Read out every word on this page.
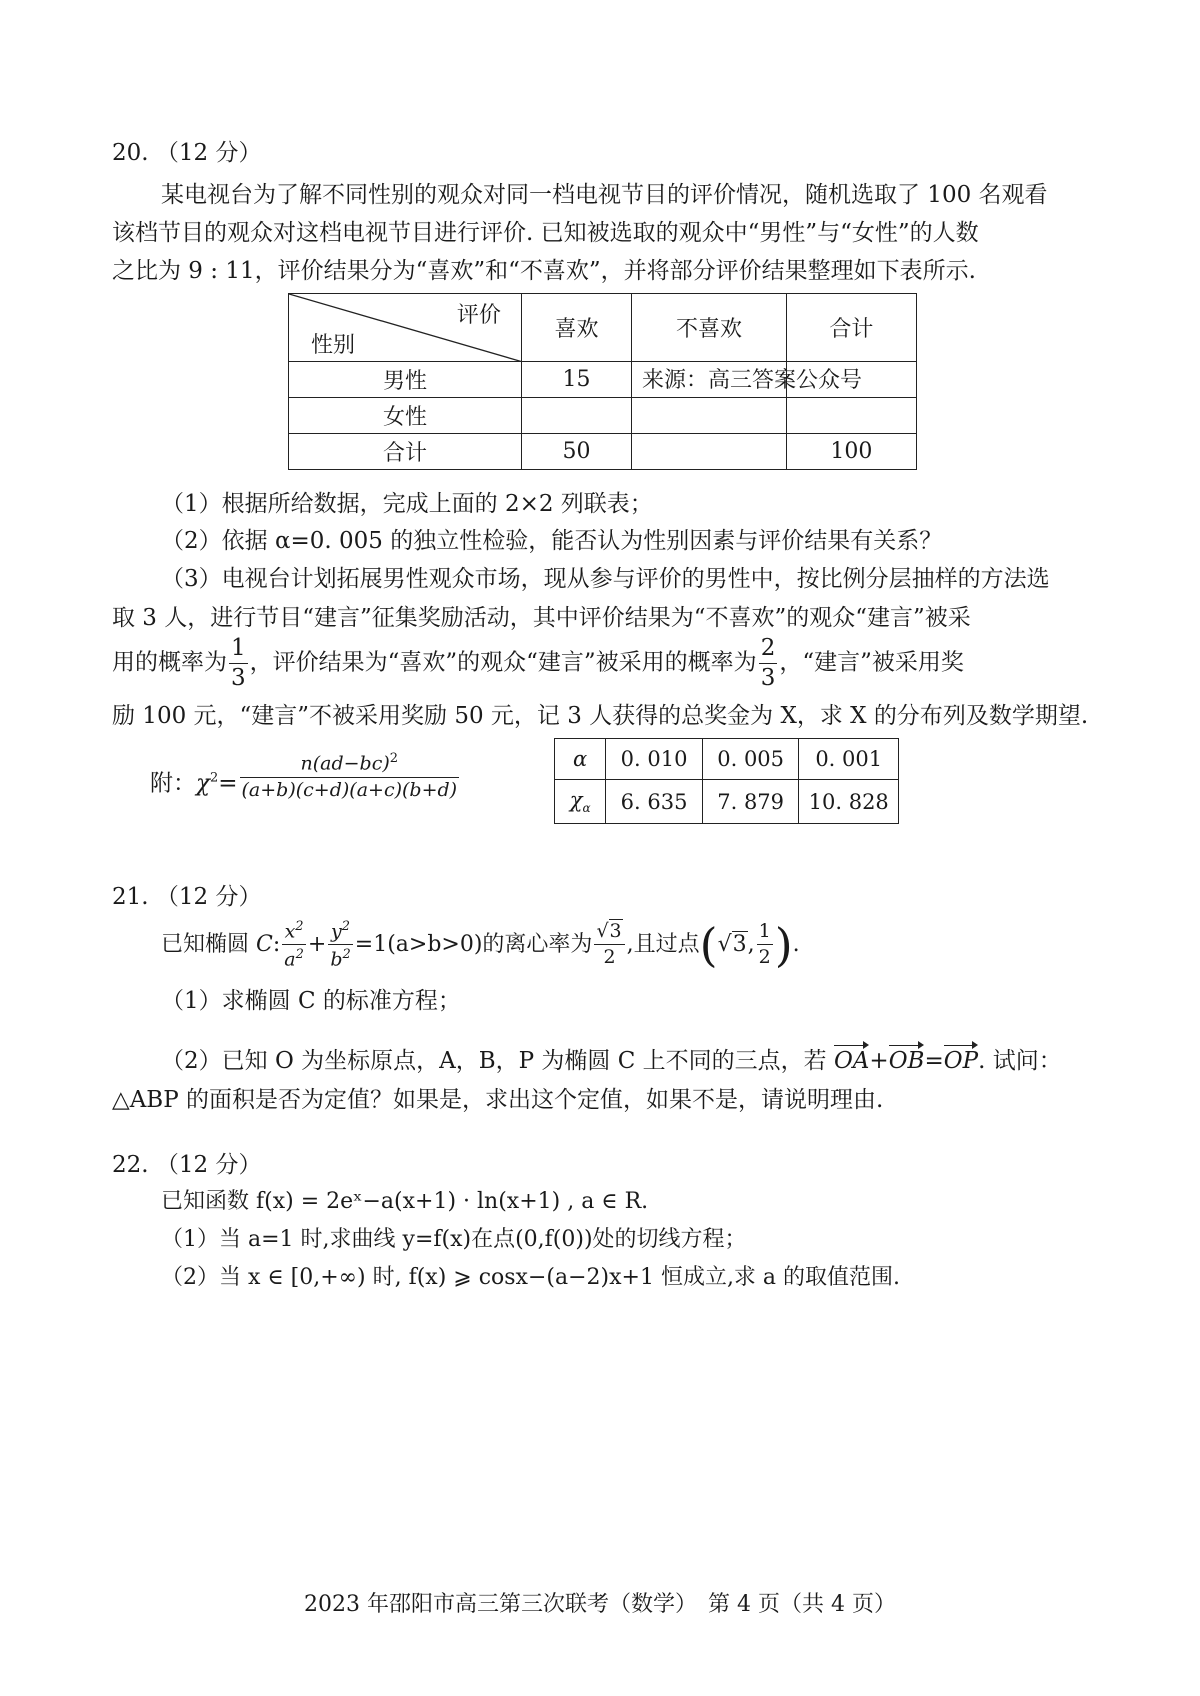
20. （12 分）
某电视台为了解不同性别的观众对同一档电视节目的评价情况，随机选取了 100 名观看
该档节目的观众对这档电视节目进行评价. 已知被选取的观众中“男性”与“女性”的人数
之比为 9 : 11，评价结果分为“喜欢”和“不喜欢”，并将部分评价结果整理如下表所示.
评价
性别	喜欢	不喜欢	合计
男性	15		
女性			
合计	50		100
来源：高三答案公众号
（1）根据所给数据，完成上面的 2×2 列联表；
（2）依据 α=0. 005 的独立性检验，能否认为性别因素与评价结果有关系？
（3）电视台计划拓展男性观众市场，现从参与评价的男性中，按比例分层抽样的方法选
取 3 人，进行节目“建言”征集奖励活动，其中评价结果为“不喜欢”的观众“建言”被采
用的概率为 $\frac{1}{3}$ ，评价结果为“喜欢”的观众“建言”被采用的概率为 $\frac{2}{3}$ ，“建言”被采用奖
励 100 元，“建言”不被采用奖励 50 元，记 3 人获得的总奖金为 X，求 X 的分布列及数学期望.
附：$\chi^2= \frac{n(ad-bc)^2}{(a+b)(c+d)(a+c)(b+d)}$	α	0. 010	0. 005	0. 001
$\chi_\alpha$	6. 635	7. 879	10. 828
21. （12 分）
已知椭圆 C: $\frac{x^2}{a^2} + \frac{y^2}{b^2} =1(a>b>0)$的离心率为 $\frac{√3}{2}$ ,且过点(√3, $\frac{1}{2}$ ).
（1）求椭圆 C 的标准方程；
（2）已知 O 为坐标原点，A，B，P 为椭圆 C 上不同的三点，若 OA+OB=OP. 试问：
△ABP 的面积是否为定值？如果是，求出这个定值，如果不是，请说明理由.
22. （12 分）
已知函数 f(x) = 2eˣ−a(x+1) · ln(x+1) , a ∈ R.
（1）当 a=1 时,求曲线 y=f(x)在点(0,f(0))处的切线方程；
（2）当 x ∈ [0,+∞) 时, f(x) ⩾ cosx−(a−2)x+1 恒成立,求 a 的取值范围.
2023 年邵阳市高三第三次联考（数学）　第 4 页（共 4 页）
